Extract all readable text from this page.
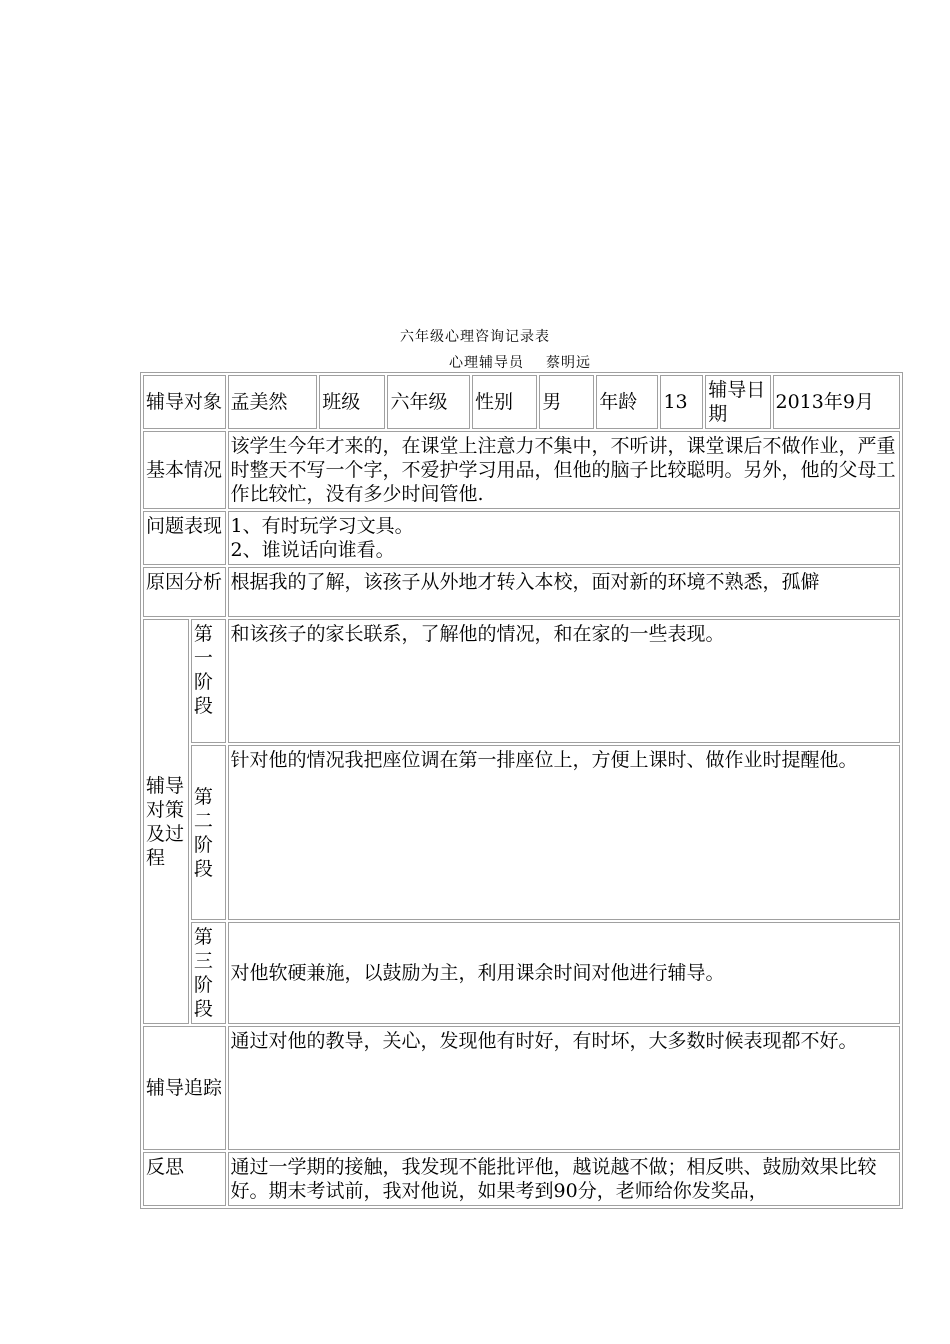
六年级心理咨询记录表
心理辅导员 蔡明远
辅导对象		孟美然	班级	六年级	性别	男	年龄	13	辅导日期	2013年9月
基本情况		该学生今年才来的，在课堂上注意力不集中，不听讲，课堂课后不做作业，严重时整天不写一个字，不爱护学习用品，但他的脑子比较聪明。另外，他的父母工作比较忙，没有多少时间管他.								
问题表现		1、有时玩学习文具。
2、谁说话向谁看。								

原因分析		根据我的了解，该孩子从外地才转入本校，面对新的环境不熟悉，孤僻								
辅导对策及过程	第一阶段	和该孩子的家长联系，了解他的情况，和在家的一些表现。								
	第二阶段	针对他的情况我把座位调在第一排座位上，方便上课时、做作业时提醒他。								
	第三阶段	对他软硬兼施，以鼓励为主，利用课余时间对他进行辅导。								
辅导追踪		通过对他的教导，关心，发现他有时好，有时坏，大多数时候表现都不好。								
反思		通过一学期的接触，我发现不能批评他，越说越不做；相反哄、鼓励效果比较好。期末考试前，我对他说，如果考到90分，老师给你发奖品，								
